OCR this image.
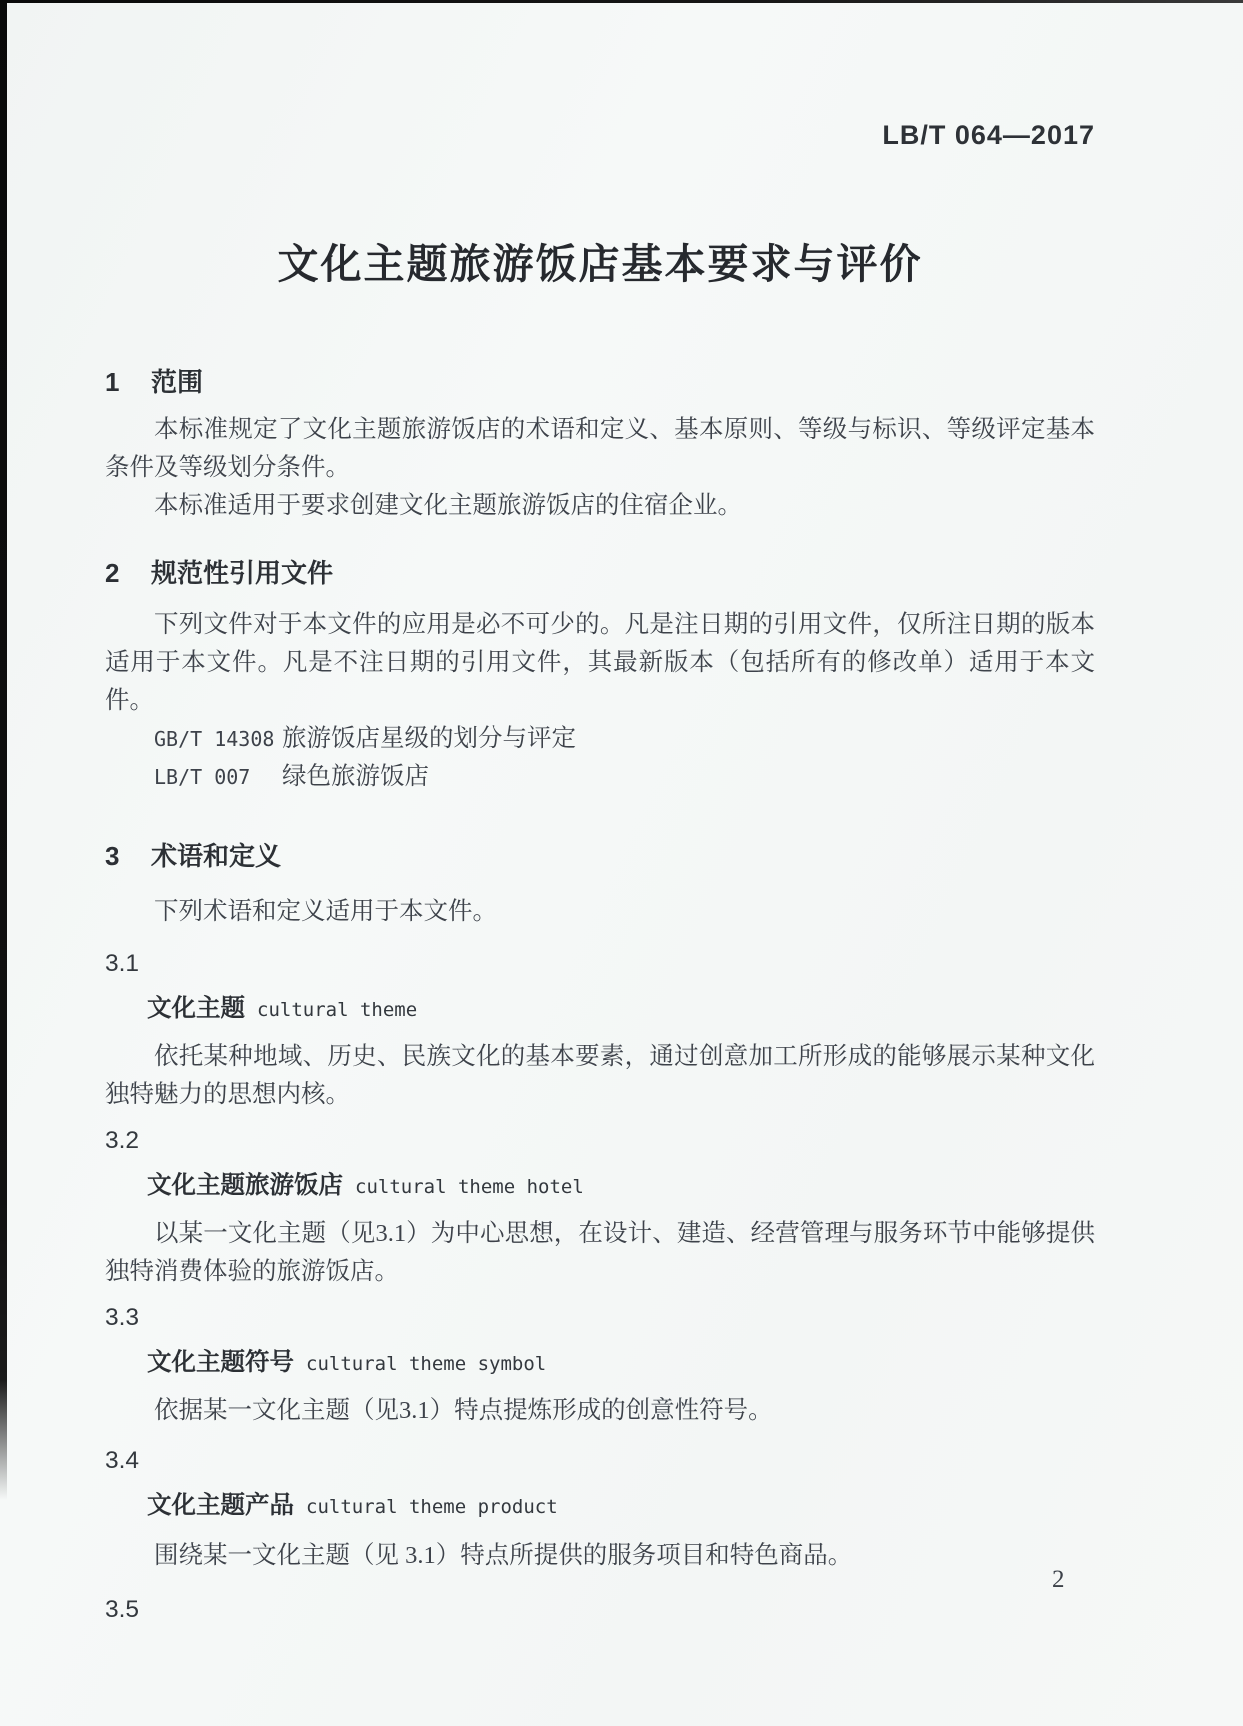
LB/T 064—2017
文化主题旅游饭店基本要求与评价
1 范围

本标准规定了文化主题旅游饭店的术语和定义、基本原则、等级与标识、等级评定基本条件及等级划分条件。

本标准适用于要求创建文化主题旅游饭店的住宿企业。

2 规范性引用文件

下列文件对于本文件的应用是必不可少的。凡是注日期的引用文件，仅所注日期的版本适用于本文件。凡是不注日期的引用文件，其最新版本（包括所有的修改单）适用于本文件。

GB/T 14308 旅游饭店星级的划分与评定
LB/T 007 绿色旅游饭店
3 术语和定义

下列术语和定义适用于本文件。

3.1
文化主题 cultural theme

依托某种地域、历史、民族文化的基本要素，通过创意加工所形成的能够展示某种文化独特魅力的思想内核。

3.2
文化主题旅游饭店 cultural theme hotel

以某一文化主题（见3.1）为中心思想，在设计、建造、经营管理与服务环节中能够提供独特消费体验的旅游饭店。

3.3
文化主题符号 cultural theme symbol

依据某一文化主题（见3.1）特点提炼形成的创意性符号。

3.4
文化主题产品 cultural theme product

围绕某一文化主题（见 3.1）特点所提供的服务项目和特色商品。

3.5
2
